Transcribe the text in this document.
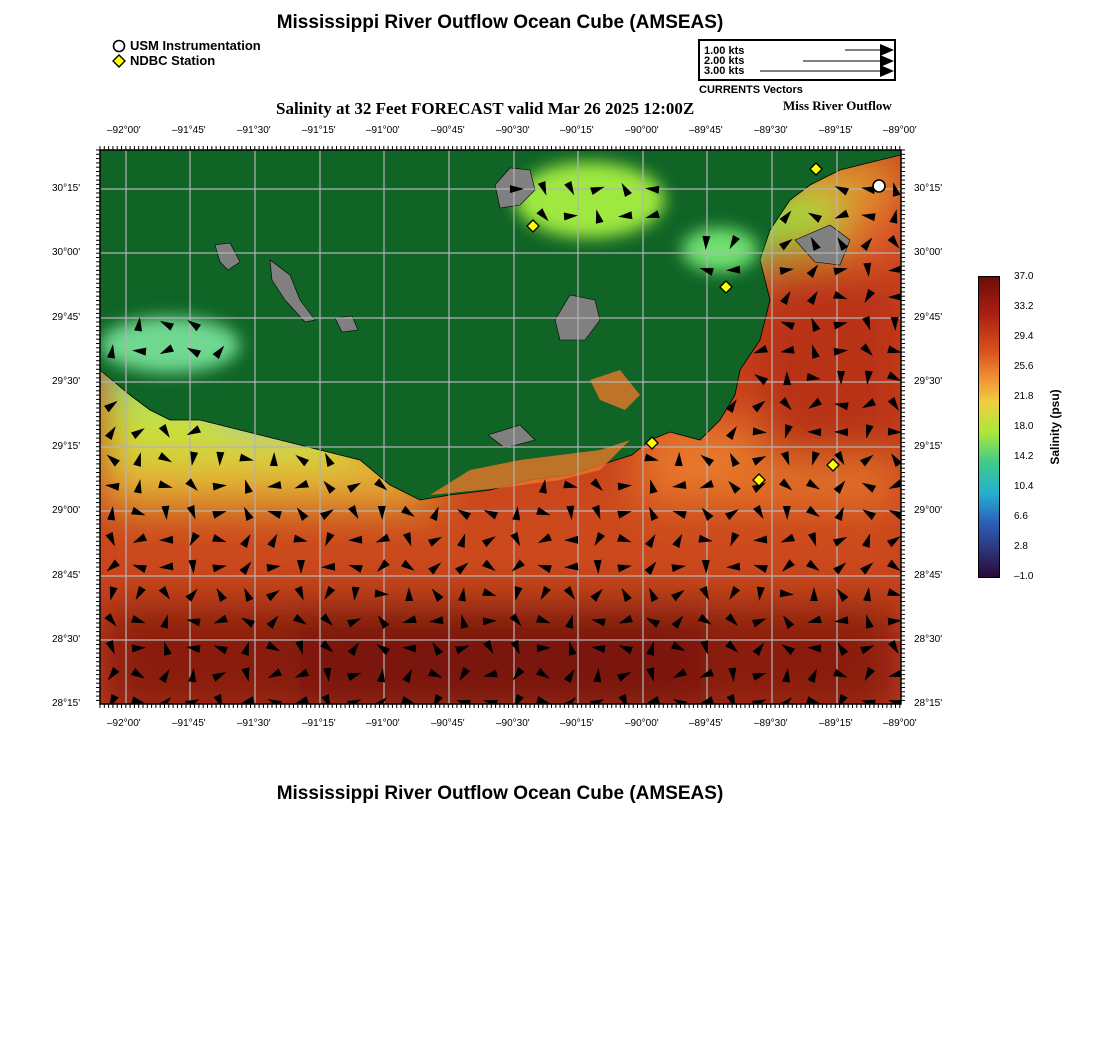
Mississippi River Outflow Ocean Cube (AMSEAS)
USM Instrumentation
NDBC Station
1.00 kts
2.00 kts
3.00 kts
CURRENTS Vectors
Salinity at 32 Feet FORECAST valid Mar 26 2025 12:00Z	Miss River Outflow
–92°00'	–91°45'	–91°30'	–91°15'	–91°00'	–90°45'	–90°30'	–90°15'	–90°00'	–89°45'	–89°30'	–89°15'	–89°00'
–92°00'	–91°45'	–91°30'	–91°15'	–91°00'	–90°45'	–90°30'	–90°15'	–90°00'	–89°45'	–89°30'	–89°15'	–89°00'
30°15'
30°00'
29°45'
29°30'
29°15'
29°00'
28°45'
28°30'
28°15'
30°15'
30°00'
29°45'
29°30'
29°15'
29°00'
28°45'
28°30'
28°15'
37.0
33.2
29.4
25.6
21.8
18.0
14.2
10.4
6.6
2.8
–1.0
Salinity (psu)
Mississippi River Outflow Ocean Cube (AMSEAS)
